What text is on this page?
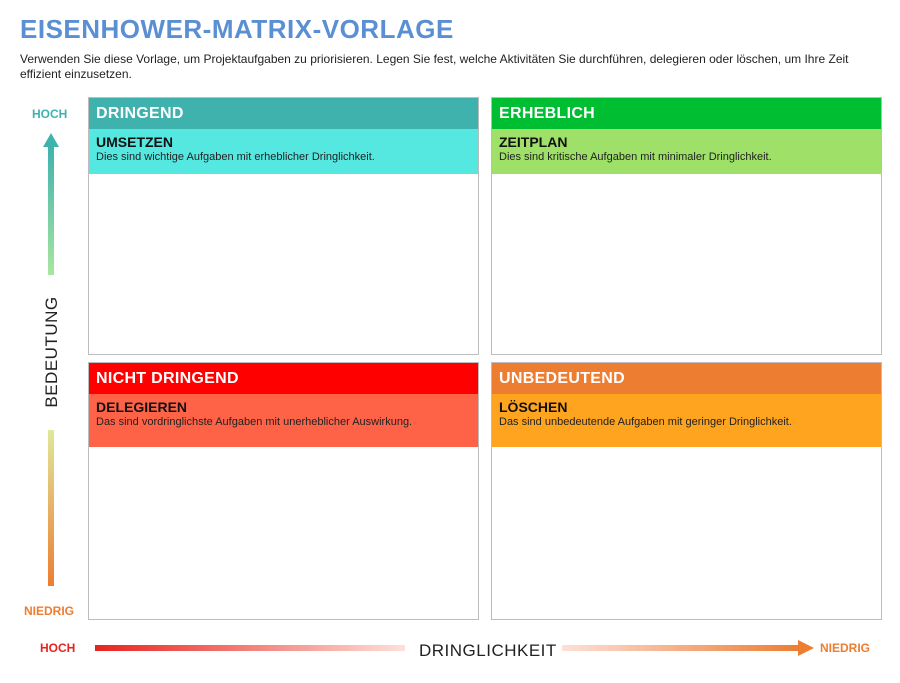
EISENHOWER-MATRIX-VORLAGE
Verwenden Sie diese Vorlage, um Projektaufgaben zu priorisieren. Legen Sie fest, welche Aktivitäten Sie durchführen, delegieren oder löschen, um Ihre Zeit effizient einzusetzen.
HOCH
BEDEUTUNG
NIEDRIG
DRINGEND
UMSETZEN
Dies sind wichtige Aufgaben mit erheblicher Dringlichkeit.
ERHEBLICH
ZEITPLAN
Dies sind kritische Aufgaben mit minimaler Dringlichkeit.
NICHT DRINGEND
DELEGIEREN
Das sind vordringlichste Aufgaben mit unerheblicher Auswirkung.
UNBEDEUTEND
LÖSCHEN
Das sind unbedeutende Aufgaben mit geringer Dringlichkeit.
HOCH	DRINGLICHKEIT	NIEDRIG
